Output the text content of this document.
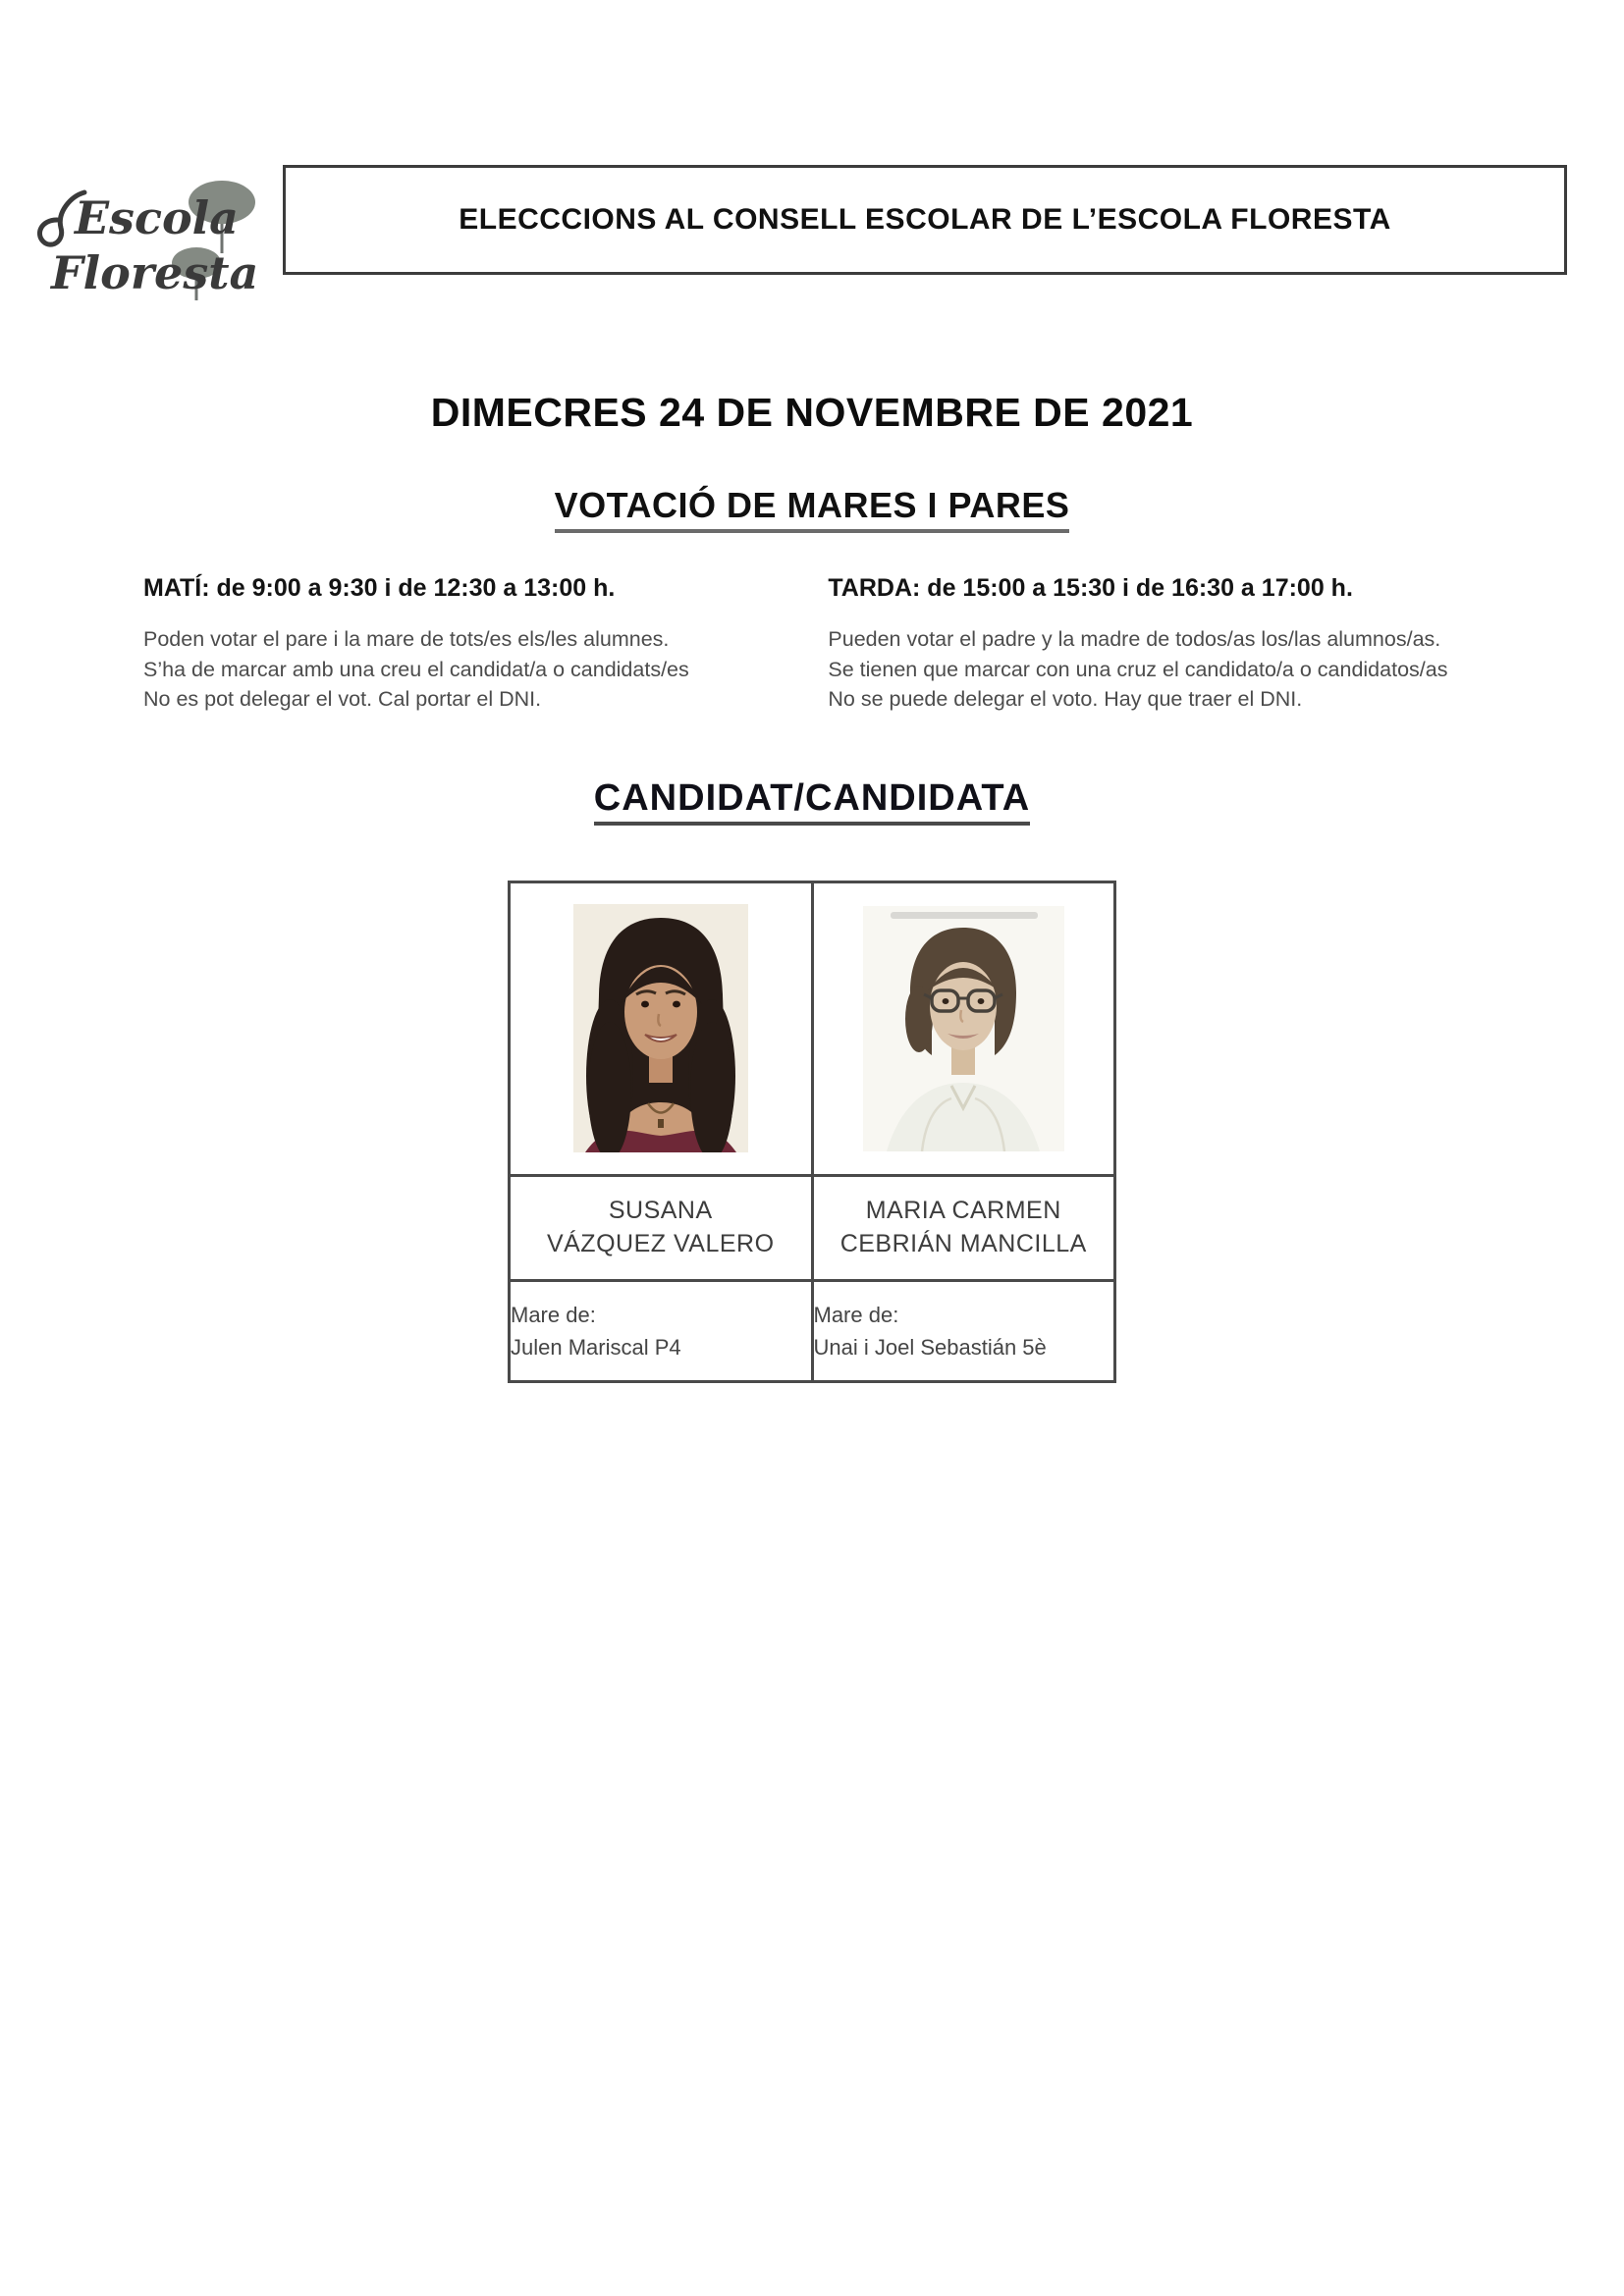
Escola
Floresta
ELECCCIONS AL CONSELL ESCOLAR DE L’ESCOLA FLORESTA
DIMECRES 24 DE NOVEMBRE DE 2021
VOTACIÓ DE MARES I PARES
MATÍ: de 9:00 a 9:30 i de 12:30 a 13:00 h.
Poden votar el pare i la mare de tots/es els/les alumnes.
S’ha de marcar amb una creu el candidat/a o candidats/es
No es pot delegar el vot. Cal portar el DNI.
TARDA: de 15:00 a 15:30 i de 16:30 a 17:00 h.
Pueden votar el padre y la madre de todos/as los/las alumnos/as.
Se tienen que marcar con una cruz el candidato/a o candidatos/as
No se puede delegar el voto. Hay que traer el DNI.
CANDIDAT/CANDIDATA

SUSANA
VÁZQUEZ VALERO

MARIA CARMEN
CEBRIÁN MANCILLA

Mare de:
Julen Mariscal P4

Mare de:
Unai i Joel Sebastián 5è
